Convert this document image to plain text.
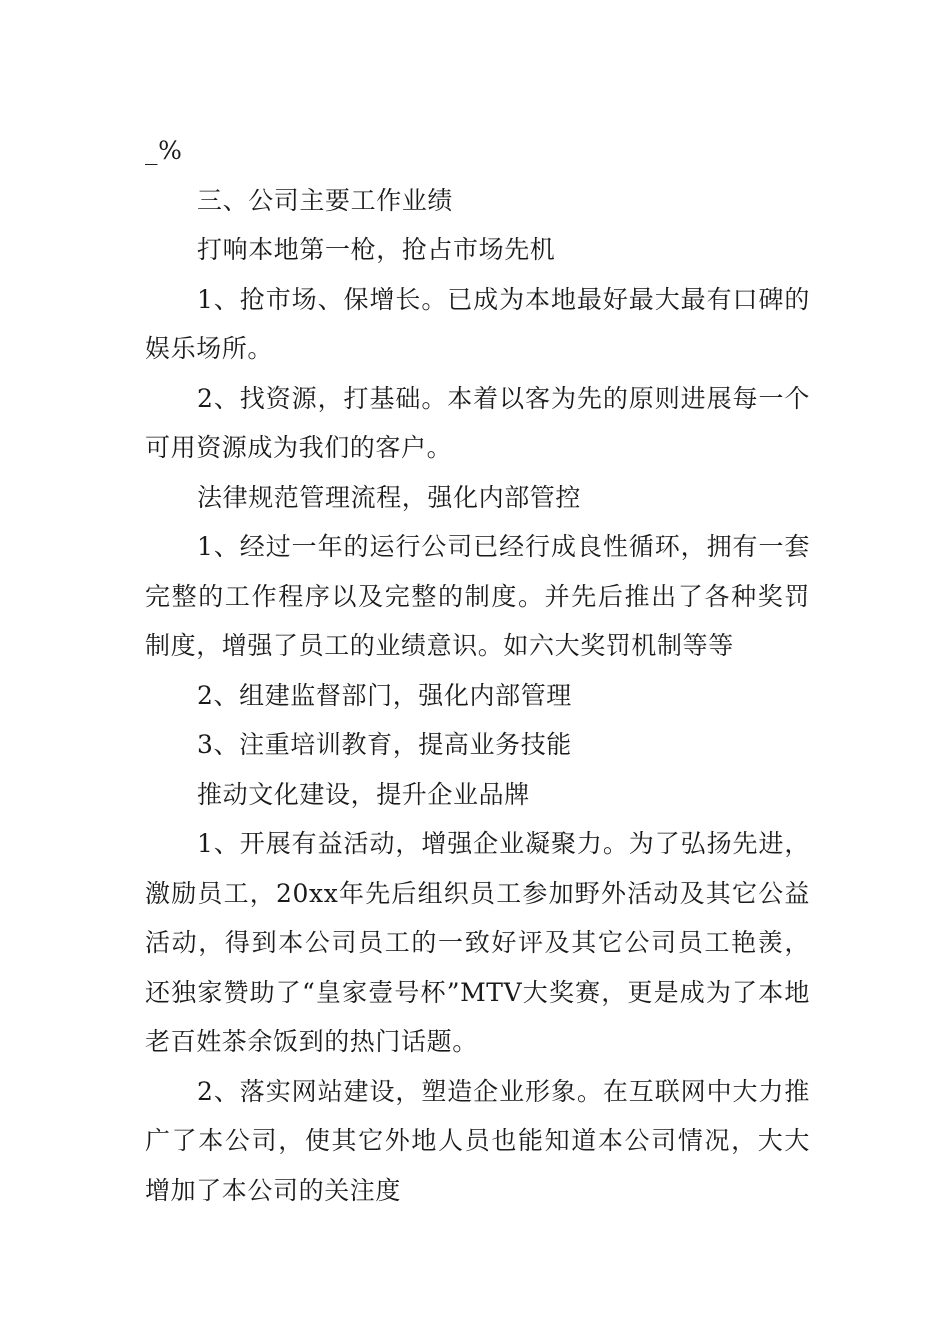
_%

三、公司主要工作业绩

打响本地第一枪，抢占市场先机

1、抢市场、保增长。已成为本地最好最大最有口碑的娱乐场所。

2、找资源，打基础。本着以客为先的原则进展每一个可用资源成为我们的客户。

法律规范管理流程，强化内部管控

1、经过一年的运行公司已经行成良性循环，拥有一套完整的工作程序以及完整的制度。并先后推出了各种奖罚制度，增强了员工的业绩意识。如六大奖罚机制等等

2、组建监督部门，强化内部管理

3、注重培训教育，提高业务技能

推动文化建设，提升企业品牌

1、开展有益活动，增强企业凝聚力。为了弘扬先进，激励员工，20xx年先后组织员工参加野外活动及其它公益活动，得到本公司员工的一致好评及其它公司员工艳羡，还独家赞助了“皇家壹号杯”MTV大奖赛，更是成为了本地老百姓茶余饭到的热门话题。

2、落实网站建设，塑造企业形象。在互联网中大力推广了本公司，使其它外地人员也能知道本公司情况，大大增加了本公司的关注度
